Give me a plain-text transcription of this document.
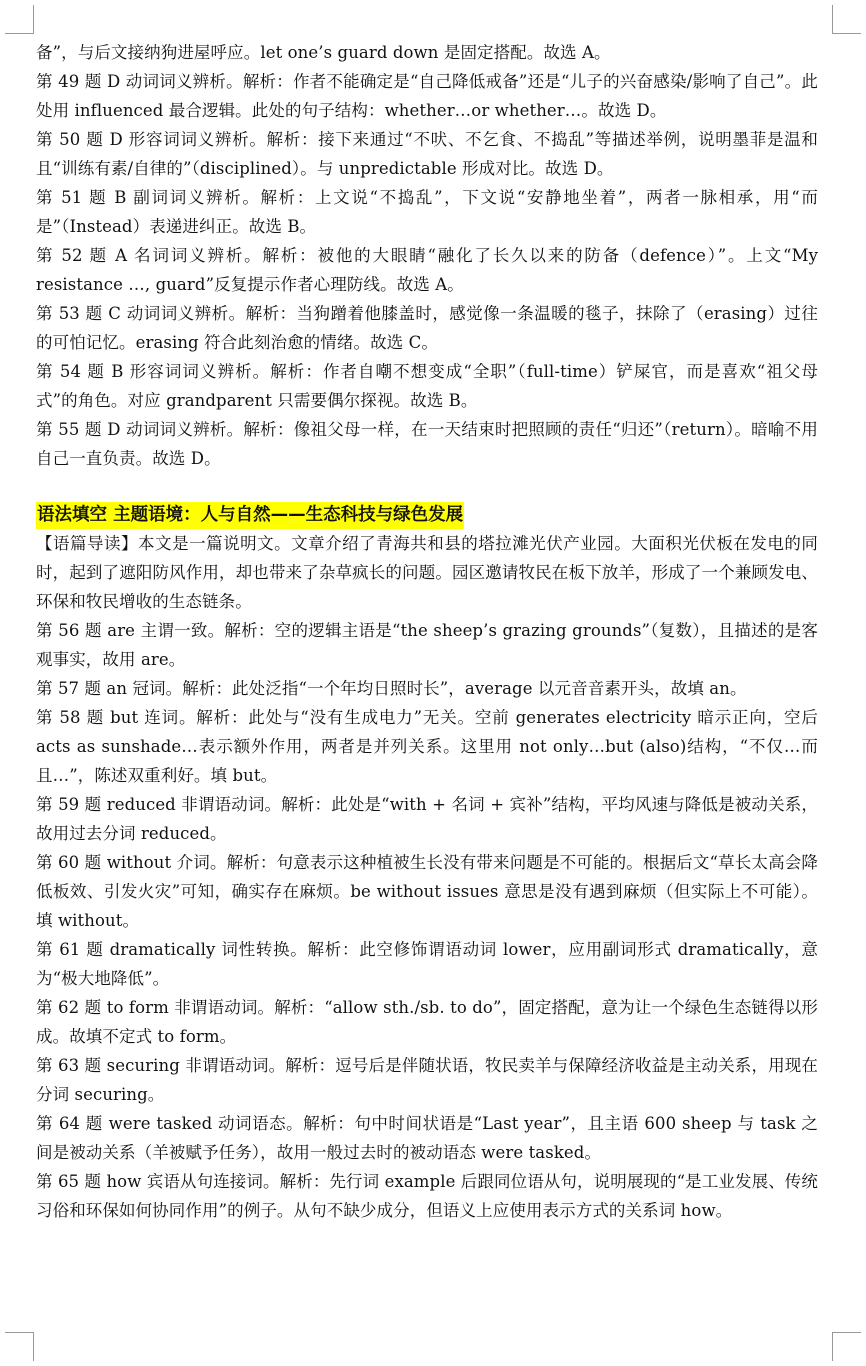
备”，与后文接纳狗进屋呼应。let one’s guard down 是固定搭配。故选 A。

第 49 题 D 动词词义辨析。解析：作者不能确定是“自己降低戒备”还是“儿子的兴奋感染/影响了自己”。此处用 influenced 最合逻辑。此处的句子结构：whether…or whether…。故选 D。

第 50 题 D 形容词词义辨析。解析：接下来通过“不吠、不乞食、不捣乱”等描述举例，说明墨菲是温和且“训练有素/自律的”（disciplined）。与 unpredictable 形成对比。故选 D。

第 51 题 B 副词词义辨析。解析：上文说“不捣乱”，下文说“安静地坐着”，两者一脉相承，用“而是”（Instead）表递进纠正。故选 B。

第 52 题 A 名词词义辨析。解析：被他的大眼睛“融化了长久以来的防备（defence）”。上文“My resistance …, guard”反复提示作者心理防线。故选 A。

第 53 题 C 动词词义辨析。解析：当狗蹭着他膝盖时，感觉像一条温暖的毯子，抹除了（erasing）过往的可怕记忆。erasing 符合此刻治愈的情绪。故选 C。

第 54 题 B 形容词词义辨析。解析：作者自嘲不想变成“全职”（full-time）铲屎官，而是喜欢“祖父母式”的角色。对应 grandparent 只需要偶尔探视。故选 B。

第 55 题 D 动词词义辨析。解析：像祖父母一样，在一天结束时把照顾的责任“归还”（return）。暗喻不用自己一直负责。故选 D。

语法填空 主题语境：人与自然——生态科技与绿色发展

【语篇导读】本文是一篇说明文。文章介绍了青海共和县的塔拉滩光伏产业园。大面积光伏板在发电的同时，起到了遮阳防风作用，却也带来了杂草疯长的问题。园区邀请牧民在板下放羊，形成了一个兼顾发电、环保和牧民增收的生态链条。

第 56 题 are 主谓一致。解析：空的逻辑主语是“the sheep’s grazing grounds”（复数），且描述的是客观事实，故用 are。

第 57 题 an 冠词。解析：此处泛指“一个年均日照时长”，average 以元音音素开头，故填 an。

第 58 题 but 连词。解析：此处与“没有生成电力”无关。空前 generates electricity 暗示正向，空后 acts as sunshade…表示额外作用，两者是并列关系。这里用 not only…but (also)结构，“不仅…而且…”，陈述双重利好。填 but。

第 59 题 reduced 非谓语动词。解析：此处是“with + 名词 + 宾补”结构，平均风速与降低是被动关系，故用过去分词 reduced。

第 60 题 without 介词。解析：句意表示这种植被生长没有带来问题是不可能的。根据后文“草长太高会降低板效、引发火灾”可知，确实存在麻烦。be without issues 意思是没有遇到麻烦（但实际上不可能）。填 without。

第 61 题 dramatically 词性转换。解析：此空修饰谓语动词 lower，应用副词形式 dramatically，意为“极大地降低”。

第 62 题 to form 非谓语动词。解析：“allow sth./sb. to do”，固定搭配，意为让一个绿色生态链得以形成。故填不定式 to form。

第 63 题 securing 非谓语动词。解析：逗号后是伴随状语，牧民卖羊与保障经济收益是主动关系，用现在分词 securing。

第 64 题 were tasked 动词语态。解析：句中时间状语是“Last year”，且主语 600 sheep 与 task 之间是被动关系（羊被赋予任务），故用一般过去时的被动语态 were tasked。

第 65 题 how 宾语从句连接词。解析：先行词 example 后跟同位语从句，说明展现的“是工业发展、传统习俗和环保如何协同作用”的例子。从句不缺少成分，但语义上应使用表示方式的关系词 how。
